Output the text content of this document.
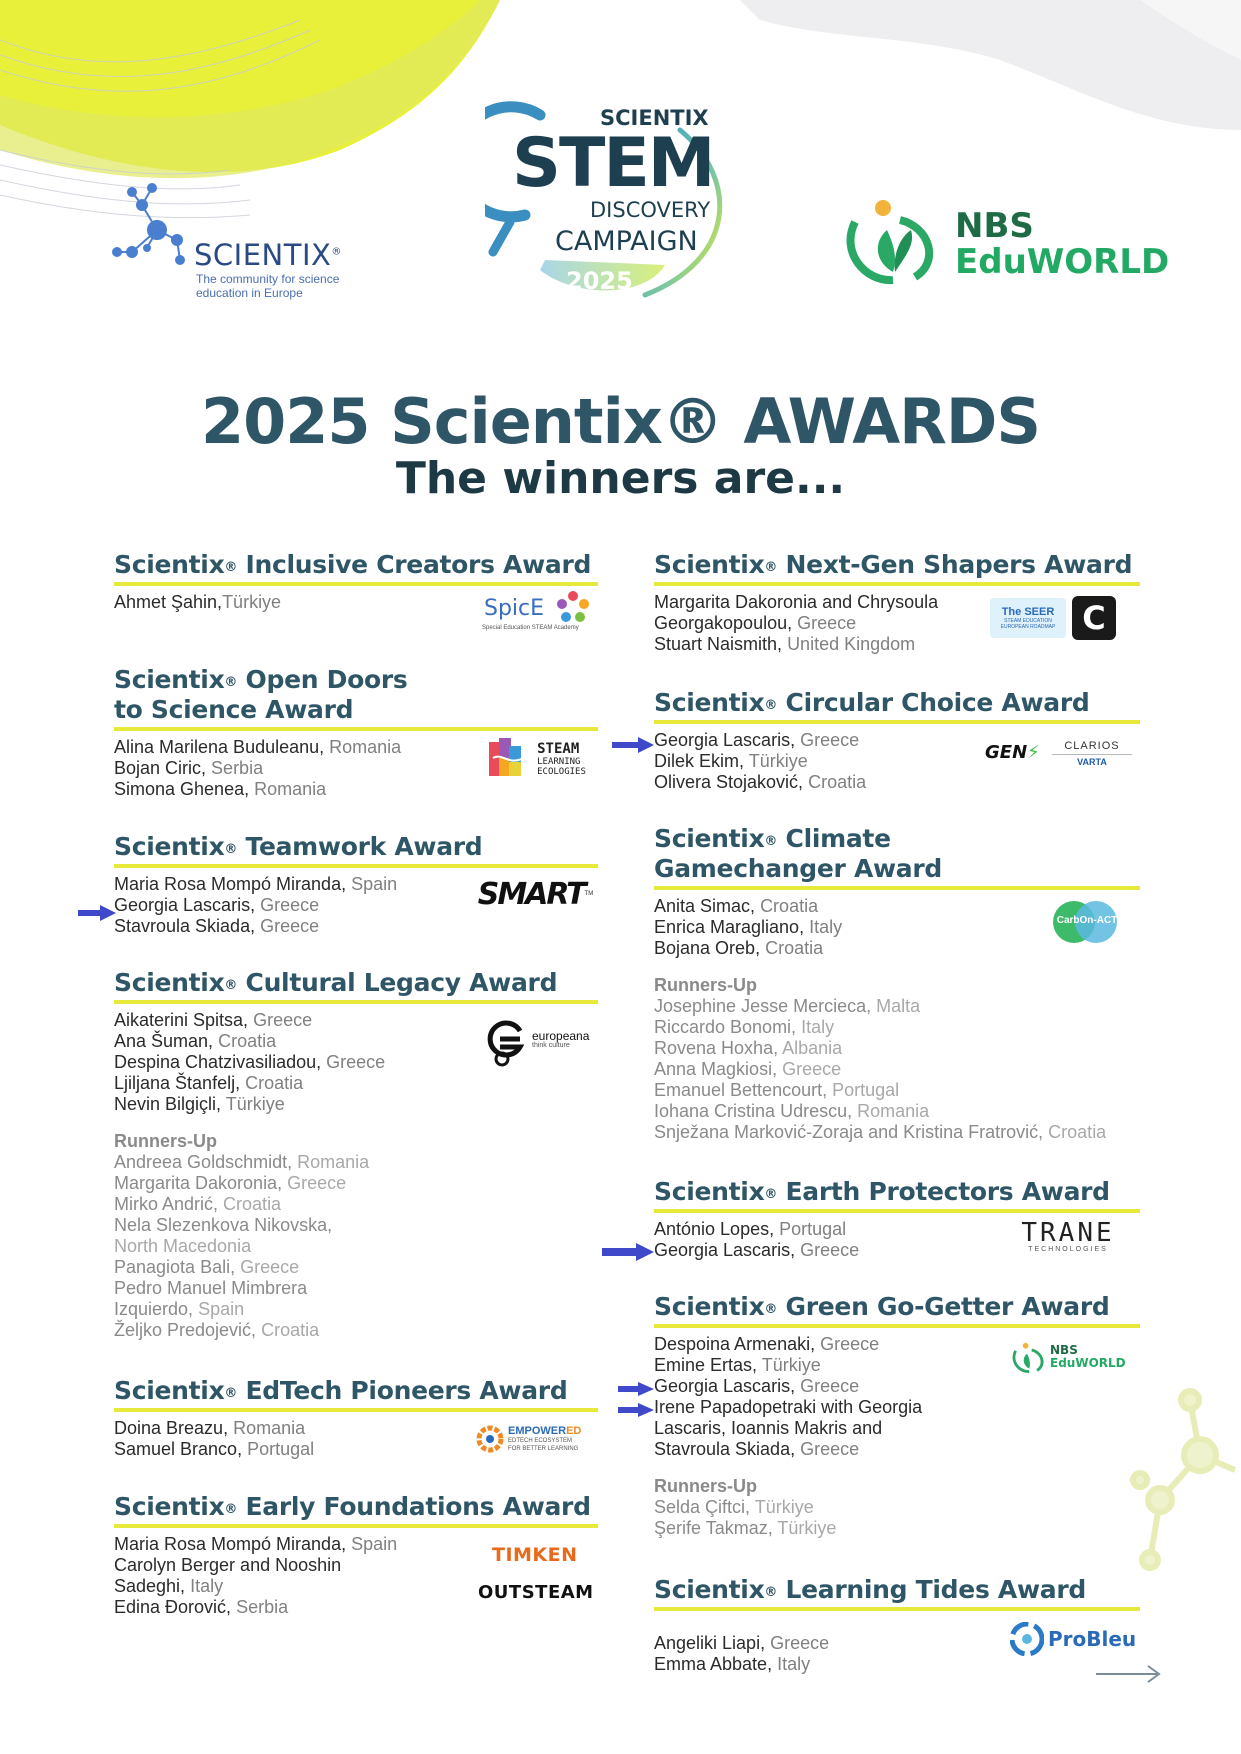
SCIENTIX®
The community for science
education in Europe
SCIENTIX
STEM
DISCOVERY
CAMPAIGN
2025
NBS
EduWORLD
2025 Scientix® AWARDS
The winners are...
Scientix® Inclusive Creators Award
Ahmet Şahin,Türkiye	SpicE
Special Education STEAM Academy
Scientix® Open Doors
to Science Award
Alina Marilena Buduleanu, Romania
Bojan Ciric, Serbia
Simona Ghenea, Romania
STEAM
LEARNING
ECOLOGIES
Scientix® Teamwork Award
Maria Rosa Mompó Miranda, Spain
Georgia Lascaris, Greece
Stavroula Skiada, Greece
SMART TM
Scientix® Cultural Legacy Award
Aikaterini Spitsa, Greece
Ana Šuman, Croatia
Despina Chatzivasiliadou, Greece
Ljiljana Štanfelj, Croatia
Nevin Bilgiçli, Türkiye
Runners-Up
Andreea Goldschmidt, Romania
Margarita Dakoronia, Greece
Mirko Andrić, Croatia
Nela Slezenkova Nikovska,
North Macedonia
Panagiota Bali, Greece
Pedro Manuel Mimbrera
Izquierdo, Spain
Željko Predojević, Croatia
europeana
think culture
Scientix® EdTech Pioneers Award
Doina Breazu, Romania
Samuel Branco, Portugal
EMPOWERED
EDTECH ECOSYSTEM
FOR BETTER LEARNING
Scientix® Early Foundations Award
Maria Rosa Mompó Miranda, Spain
Carolyn Berger and Nooshin
Sadeghi, Italy
Edina Đorović, Serbia
TIMKEN
OUTSTEAM
Scientix® Next-Gen Shapers Award
Margarita Dakoronia and Chrysoula
Georgakopoulou, Greece
Stuart Naismith, United Kingdom
The SEER
STEAM EDUCATION
EUROPEAN ROADMAP C
Scientix® Circular Choice Award
Georgia Lascaris, Greece
Dilek Ekim, Türkiye
Olivera Stojaković, Croatia
GEN⚡	CLARIOS
VARTA
Scientix® Climate
Gamechanger Award
Anita Simac, Croatia
Enrica Maragliano, Italy
Bojana Oreb, Croatia
Runners-Up
Josephine Jesse Mercieca, Malta
Riccardo Bonomi, Italy
Rovena Hoxha, Albania
Anna Magkiosi, Greece
Emanuel Bettencourt, Portugal
Iohana Cristina Udrescu, Romania
Snježana Marković-Zoraja and Kristina Fratrović, Croatia
CarbOn-ACT
Scientix® Earth Protectors Award
António Lopes, Portugal
Georgia Lascaris, Greece
TRANE
TECHNOLOGIES
Scientix® Green Go-Getter Award
Despoina Armenaki, Greece
Emine Ertas, Türkiye
Georgia Lascaris, Greece
Irene Papadopetraki with Georgia
Lascaris, Ioannis Makris and
Stavroula Skiada, Greece
Runners-Up
Selda Çiftci, Türkiye
Şerife Takmaz, Türkiye
NBS
EduWORLD
Scientix® Learning Tides Award
Angeliki Liapi, Greece
Emma Abbate, Italy
ProBleu
